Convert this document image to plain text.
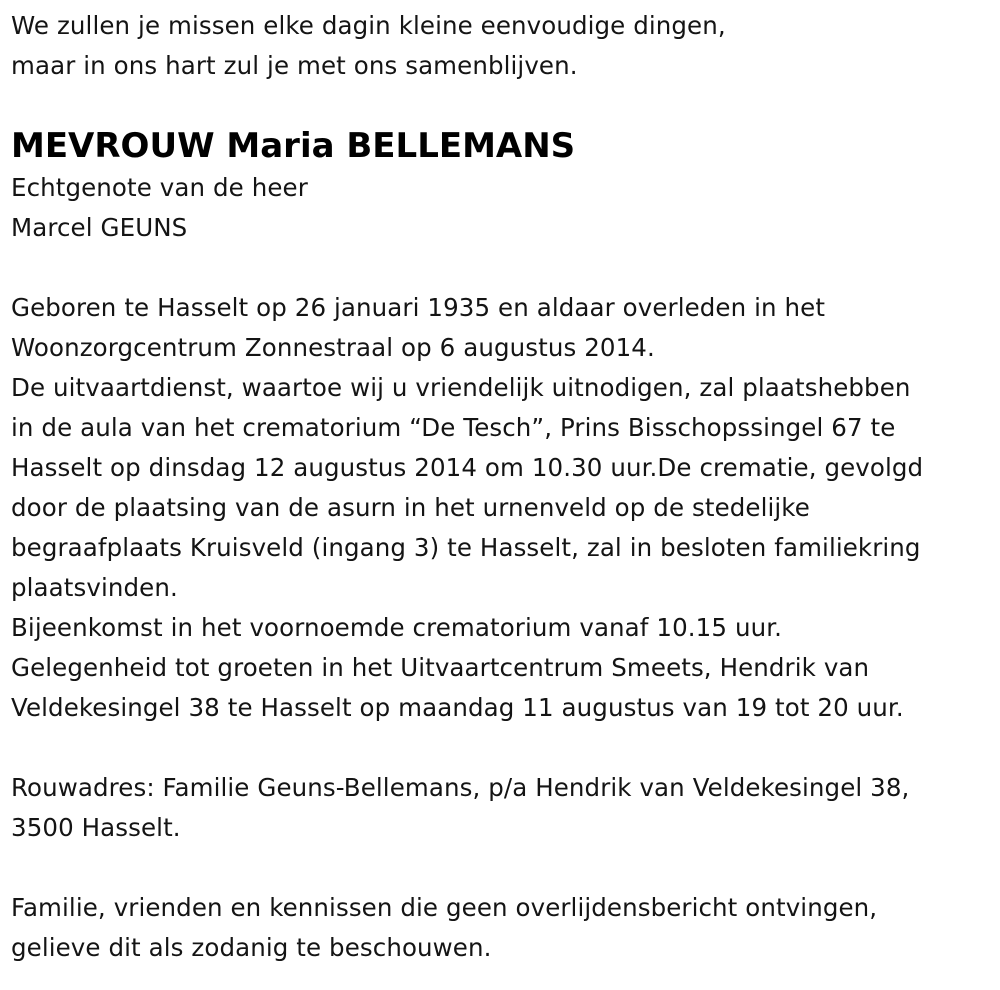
We zullen je missen elke dagin kleine eenvoudige dingen,
maar in ons hart zul je met ons samenblijven.
MEVROUW Maria BELLEMANS
Echtgenote van de heer
Marcel GEUNS
Geboren te Hasselt op 26 januari 1935 en aldaar overleden in het
Woonzorgcentrum Zonnestraal op 6 augustus 2014.
De uitvaartdienst, waartoe wij u vriendelijk uitnodigen, zal plaatshebben
in de aula van het crematorium “De Tesch”, Prins Bisschopssingel 67 te
Hasselt op dinsdag 12 augustus 2014 om 10.30 uur.De crematie, gevolgd
door de plaatsing van de asurn in het urnenveld op de stedelijke
begraafplaats Kruisveld (ingang 3) te Hasselt, zal in besloten familiekring
plaatsvinden.
Bijeenkomst in het voornoemde crematorium vanaf 10.15 uur.
Gelegenheid tot groeten in het Uitvaartcentrum Smeets, Hendrik van
Veldekesingel 38 te Hasselt op maandag 11 augustus van 19 tot 20 uur.
Rouwadres: Familie Geuns-Bellemans, p/a Hendrik van Veldekesingel 38,
3500 Hasselt.
Familie, vrienden en kennissen die geen overlijdensbericht ontvingen,
gelieve dit als zodanig te beschouwen.
